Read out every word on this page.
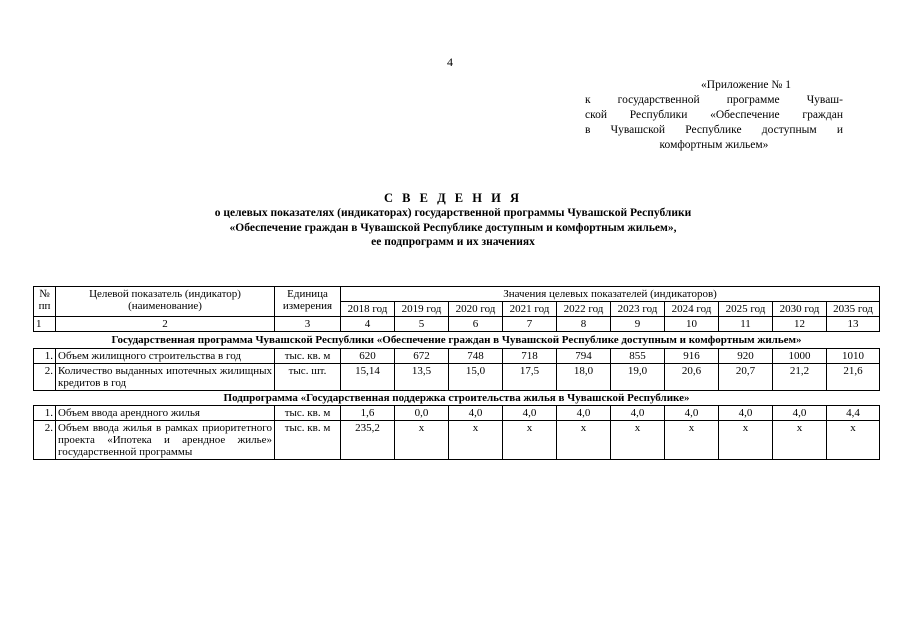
4
«Приложение № 1
к государственной программе Чуваш-
ской Республики «Обеспечение граждан
в Чувашской Республике доступным и
комфортным жильем»
С В Е Д Е Н И Я
о целевых показателях (индикаторах) государственной программы Чувашской Республики
«Обеспечение граждан в Чувашской Республике доступным и комфортным жильем»,
ее подпрограмм и их значениях
№ пп	Целевой показатель (индикатор) (наименование)	Единица измерения	Значения целевых показателей (индикаторов)									
			2018 год	2019 год	2020 год	2021 год	2022 год	2023 год	2024 год	2025 год	2030 год	2035 год
1	2	3	4	5	6	7	8	9	10	11	12	13
Государственная программа Чувашской Республики «Обеспечение граждан в Чувашской Республике доступным и комфортным жильем»												
1.	Объем жилищного строительства в год	тыс. кв. м	620	672	748	718	794	855	916	920	1000	1010
2.	Количество выданных ипотечных жилищных кредитов в год	тыс. шт.	15,14	13,5	15,0	17,5	18,0	19,0	20,6	20,7	21,2	21,6
Подпрограмма «Государственная поддержка строительства жилья в Чувашской Республике»												
1.	Объем ввода арендного жилья	тыс. кв. м	1,6	0,0	4,0	4,0	4,0	4,0	4,0	4,0	4,0	4,4
2.	Объем ввода жилья в рамках приоритетного проекта «Ипотека и арендное жилье» государственной программы	тыс. кв. м	235,2	х	х	х	х	х	х	х	х	х
